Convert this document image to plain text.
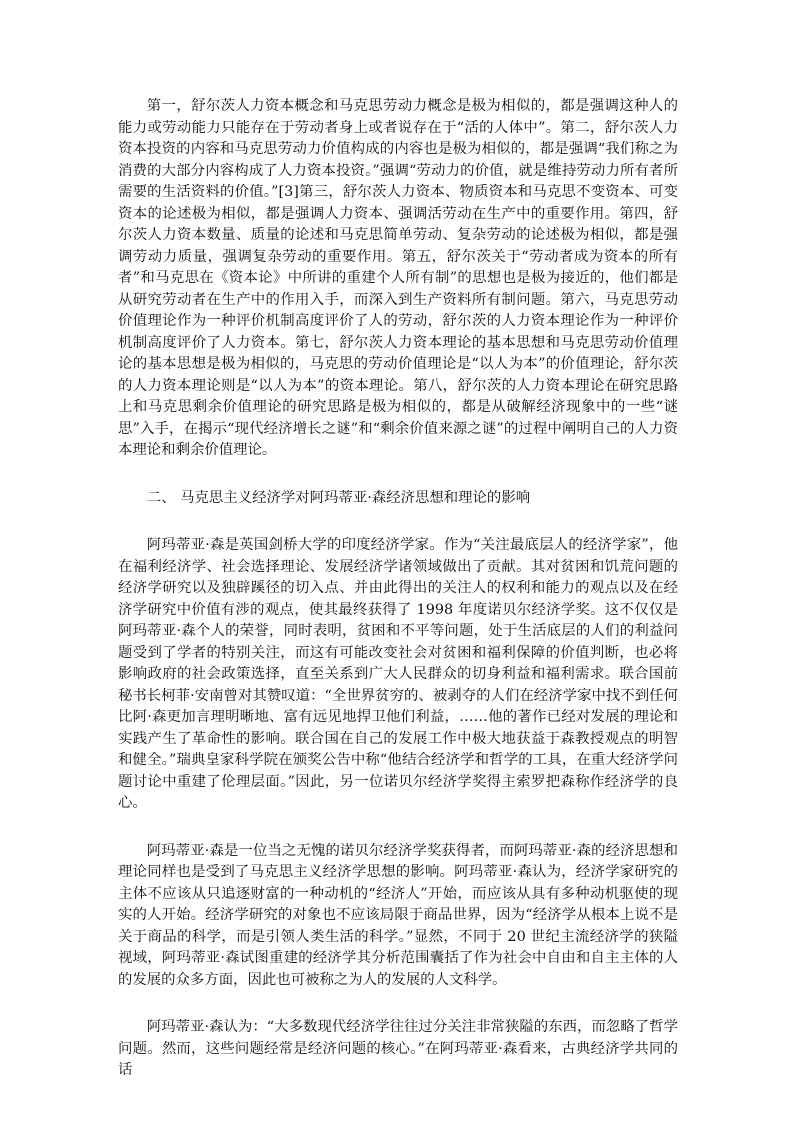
第一，舒尔茨人力资本概念和马克思劳动力概念是极为相似的，都是强调这种人的能力或劳动能力只能存在于劳动者身上或者说存在于“活的人体中”。第二，舒尔茨人力资本投资的内容和马克思劳动力价值构成的内容也是极为相似的，都是强调“我们称之为消费的大部分内容构成了人力资本投资。”强调“劳动力的价值，就是维持劳动力所有者所需要的生活资料的价值。”[3]第三，舒尔茨人力资本、物质资本和马克思不变资本、可变资本的论述极为相似，都是强调人力资本、强调活劳动在生产中的重要作用。第四，舒尔茨人力资本数量、质量的论述和马克思简单劳动、复杂劳动的论述极为相似，都是强调劳动力质量，强调复杂劳动的重要作用。第五，舒尔茨关于“劳动者成为资本的所有者”和马克思在《资本论》中所讲的重建个人所有制”的思想也是极为接近的，他们都是从研究劳动者在生产中的作用入手，而深入到生产资料所有制问题。第六，马克思劳动价值理论作为一种评价机制高度评价了人的劳动，舒尔茨的人力资本理论作为一种评价机制高度评价了人力资本。第七，舒尔茨人力资本理论的基本思想和马克思劳动价值理论的基本思想是极为相似的，马克思的劳动价值理论是“以人为本”的价值理论，舒尔茨的人力资本理论则是“以人为本”的资本理论。第八，舒尔茨的人力资本理论在研究思路上和马克思剩余价值理论的研究思路是极为相似的，都是从破解经济现象中的一些“谜思”入手，在揭示“现代经济增长之谜”和“剩余价值来源之谜”的过程中阐明自己的人力资本理论和剩余价值理论。

二、 马克思主义经济学对阿玛蒂亚·森经济思想和理论的影响

阿玛蒂亚·森是英国剑桥大学的印度经济学家。作为“关注最底层人的经济学家”，他在福利经济学、社会选择理论、发展经济学诸领域做出了贡献。其对贫困和饥荒问题的经济学研究以及独辟蹊径的切入点、并由此得出的关注人的权利和能力的观点以及在经济学研究中价值有涉的观点，使其最终获得了 1998 年度诺贝尔经济学奖。这不仅仅是阿玛蒂亚·森个人的荣誉，同时表明，贫困和不平等问题，处于生活底层的人们的利益问题受到了学者的特别关注，而这有可能改变社会对贫困和福利保障的价值判断，也必将影响政府的社会政策选择，直至关系到广大人民群众的切身利益和福利需求。联合国前秘书长柯菲·安南曾对其赞叹道：“全世界贫穷的、被剥夺的人们在经济学家中找不到任何比阿·森更加言理明晰地、富有远见地捍卫他们利益，……他的著作已经对发展的理论和实践产生了革命性的影响。联合国在自己的发展工作中极大地获益于森教授观点的明智和健全。”瑞典皇家科学院在颁奖公告中称“他结合经济学和哲学的工具，在重大经济学问题讨论中重建了伦理层面。”因此，另一位诺贝尔经济学奖得主索罗把森称作经济学的良心。

阿玛蒂亚·森是一位当之无愧的诺贝尔经济学奖获得者，而阿玛蒂亚·森的经济思想和理论同样也是受到了马克思主义经济学思想的影响。阿玛蒂亚·森认为，经济学家研究的主体不应该从只追逐财富的一种动机的“经济人”开始，而应该从具有多种动机驱使的现实的人开始。经济学研究的对象也不应该局限于商品世界，因为“经济学从根本上说不是关于商品的科学，而是引领人类生活的科学。”显然，不同于 20 世纪主流经济学的狭隘视域，阿玛蒂亚·森试图重建的经济学其分析范围囊括了作为社会中自由和自主主体的人的发展的众多方面，因此也可被称之为人的发展的人文科学。

阿玛蒂亚·森认为：“大多数现代经济学往往过分关注非常狭隘的东西，而忽略了哲学问题。然而，这些问题经常是经济问题的核心。”在阿玛蒂亚·森看来，古典经济学共同的话
